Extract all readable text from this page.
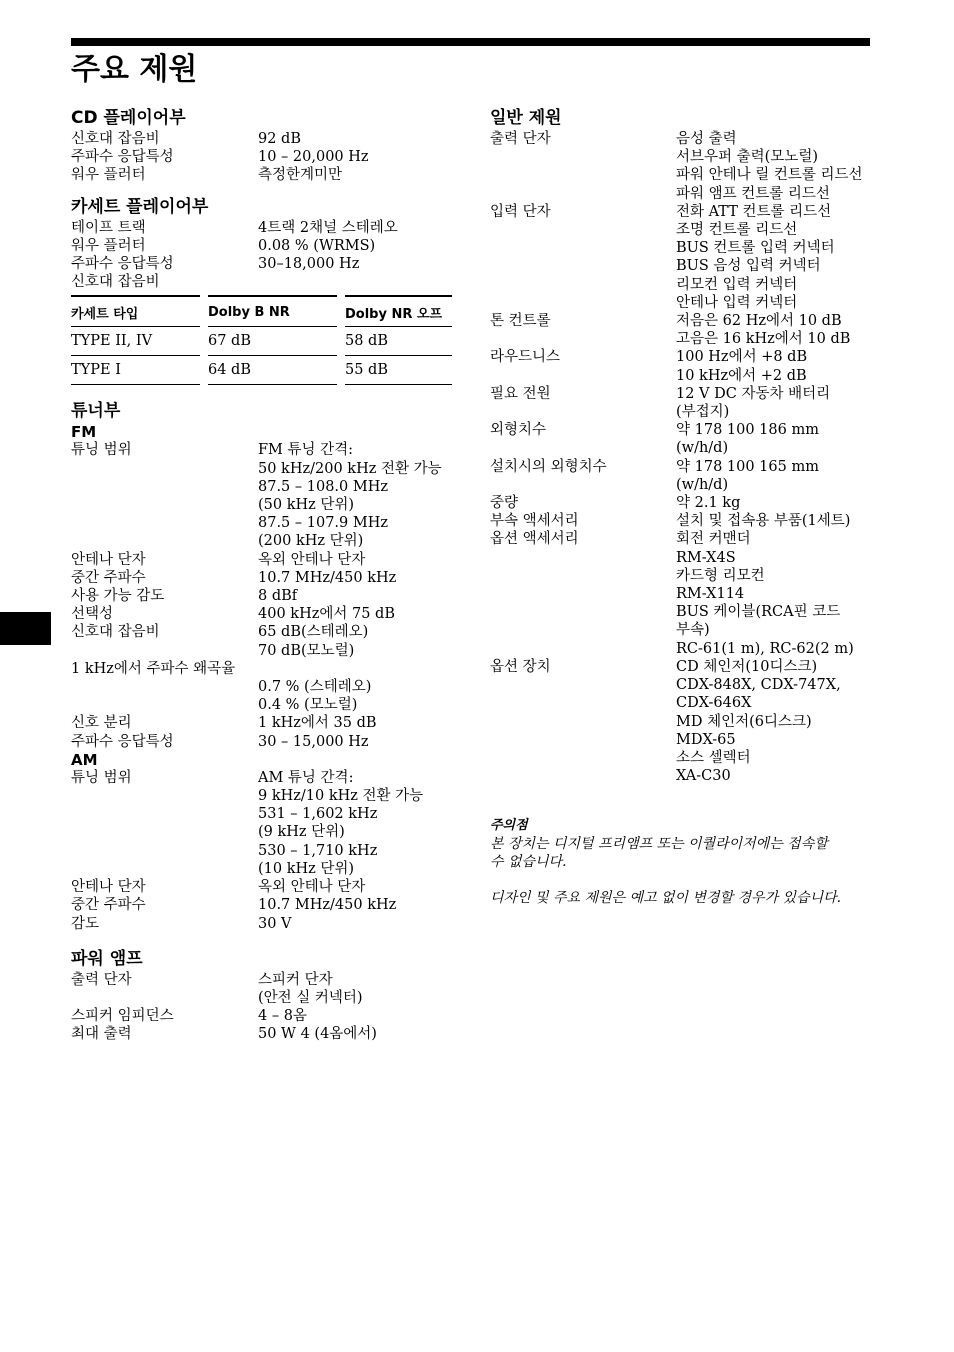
주요 제원
CD 플레이어부
신호대 잡음비	92 dB
주파수 응답특성	10 – 20,000 Hz
워우 플러터	측정한계미만
카세트 플레이어부
테이프 트랙	4트랙 2채널 스테레오
워우 플러터	0.08 % (WRMS)
주파수 응답특성	30–18,000 Hz
신호대 잡음비
카세트 타입		Dolby B NR		Dolby NR 오프
TYPE II, IV		67 dB		58 dB
TYPE I		64 dB		55 dB
튜너부
FM
튜닝 범위	FM 튜닝 간격:
50 kHz/200 kHz 전환 가능
87.5 – 108.0 MHz
(50 kHz 단위)
87.5 – 107.9 MHz
(200 kHz 단위)
안테나 단자	옥외 안테나 단자
중간 주파수	10.7 MHz/450 kHz
사용 가능 감도	8 dBf
선택성	400 kHz에서 75 dB
신호대 잡음비	65 dB(스테레오)
70 dB(모노럴)
1 kHz에서 주파수 왜곡율
0.7 % (스테레오)
0.4 % (모노럴)
신호 분리	1 kHz에서 35 dB
주파수 응답특성	30 – 15,000 Hz
AM
튜닝 범위	AM 튜닝 간격:
9 kHz/10 kHz 전환 가능
531 – 1,602 kHz
(9 kHz 단위)
530 – 1,710 kHz
(10 kHz 단위)
안테나 단자	옥외 안테나 단자
중간 주파수	10.7 MHz/450 kHz
감도	30 V
파워 앰프
출력 단자	스피커 단자
(안전 실 커넥터)
스피커 임피던스	4 – 8옴
최대 출력	50 W 4 (4옴에서)
일반 제원
출력 단자	음성 출력
서브우퍼 출력(모노럴)
파워 안테나 릴 컨트롤 리드선
파워 앰프 컨트롤 리드선
입력 단자	전화 ATT 컨트롤 리드선
조명 컨트롤 리드선
BUS 컨트롤 입력 커넥터
BUS 음성 입력 커넥터
리모컨 입력 커넥터
안테나 입력 커넥터
톤 컨트롤	저음은 62 Hz에서 10 dB
고음은 16 kHz에서 10 dB
라우드니스	100 Hz에서 +8 dB
10 kHz에서 +2 dB
필요 전원	12 V DC 자동차 배터리
(부접지)
외형치수	약 178 100 186 mm
(w/h/d)
설치시의 외형치수	약 178 100 165 mm
(w/h/d)
중량	약 2.1 kg
부속 액세서리	설치 및 접속용 부품(1세트)
옵션 액세서리	회전 커맨더
RM-X4S
카드형 리모컨
RM-X114
BUS 케이블(RCA핀 코드
부속)
RC-61(1 m), RC-62(2 m)
옵션 장치	CD 체인저(10디스크)
CDX-848X, CDX-747X,
CDX-646X
MD 체인저(6디스크)
MDX-65
소스 셀렉터
XA-C30
주의점
본 장치는 디지털 프리앰프 또는 이퀄라이저에는 접속할
수 없습니다.
디자인 및 주요 제원은 예고 없이 변경할 경우가 있습니다.
